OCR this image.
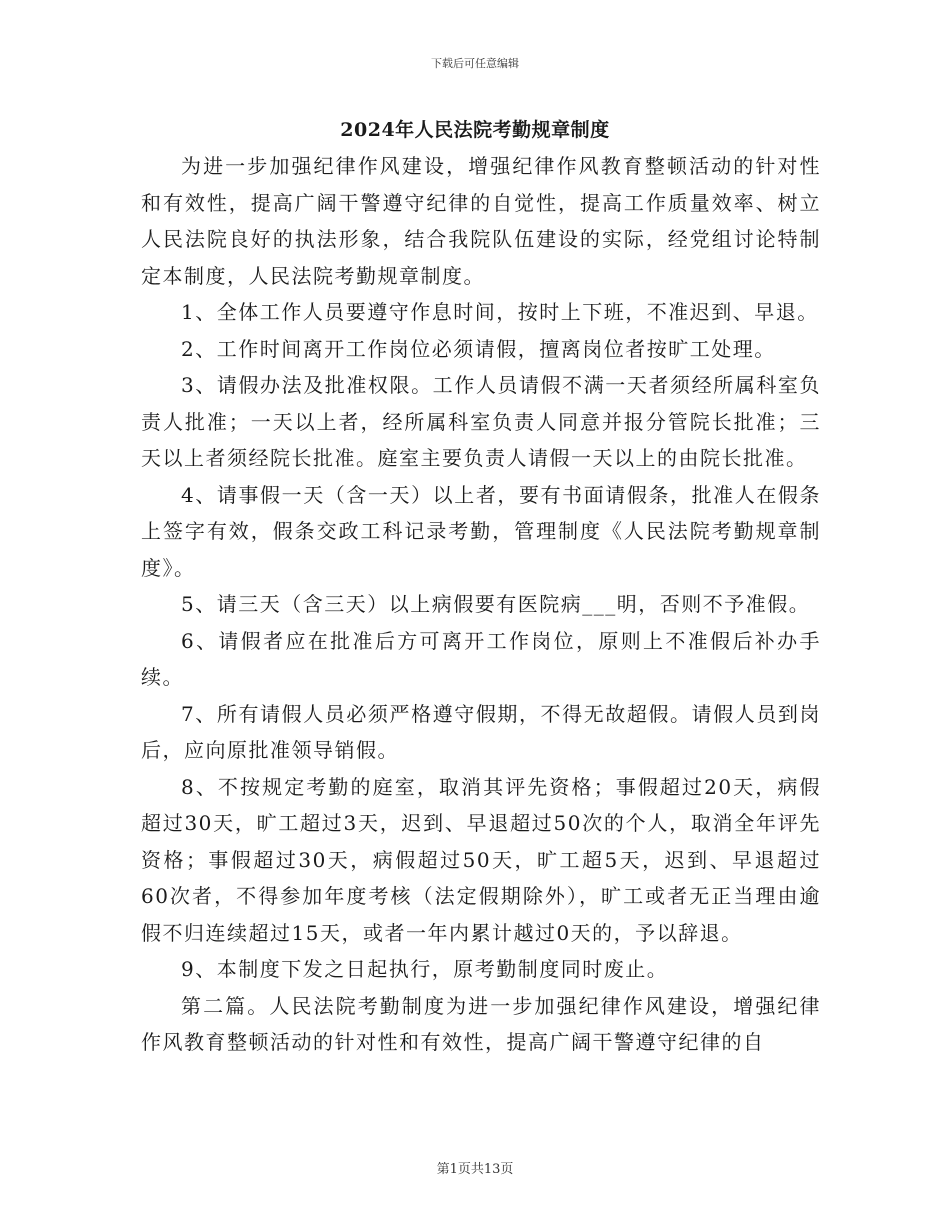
下载后可任意编辑
2024年人民法院考勤规章制度

为进一步加强纪律作风建设，增强纪律作风教育整顿活动的针对性和有效性，提高广阔干警遵守纪律的自觉性，提高工作质量效率、树立人民法院良好的执法形象，结合我院队伍建设的实际，经党组讨论特制定本制度，人民法院考勤规章制度。

1、全体工作人员要遵守作息时间，按时上下班，不准迟到、早退。

2、工作时间离开工作岗位必须请假，擅离岗位者按旷工处理。

3、请假办法及批准权限。工作人员请假不满一天者须经所属科室负责人批准；一天以上者，经所属科室负责人同意并报分管院长批准；三天以上者须经院长批准。庭室主要负责人请假一天以上的由院长批准。

4、请事假一天（含一天）以上者，要有书面请假条，批准人在假条上签字有效，假条交政工科记录考勤，管理制度《人民法院考勤规章制度》。

5、请三天（含三天）以上病假要有医院病___明，否则不予准假。

6、请假者应在批准后方可离开工作岗位，原则上不准假后补办手续。

7、所有请假人员必须严格遵守假期，不得无故超假。请假人员到岗后，应向原批准领导销假。

8、不按规定考勤的庭室，取消其评先资格；事假超过20天，病假超过30天，旷工超过3天，迟到、早退超过50次的个人，取消全年评先资格；事假超过30天，病假超过50天，旷工超5天，迟到、早退超过60次者，不得参加年度考核（法定假期除外），旷工或者无正当理由逾假不归连续超过15天，或者一年内累计越过0天的，予以辞退。

9、本制度下发之日起执行，原考勤制度同时废止。

第二篇。人民法院考勤制度为进一步加强纪律作风建设，增强纪律作风教育整顿活动的针对性和有效性，提高广阔干警遵守纪律的自

第1页共13页
